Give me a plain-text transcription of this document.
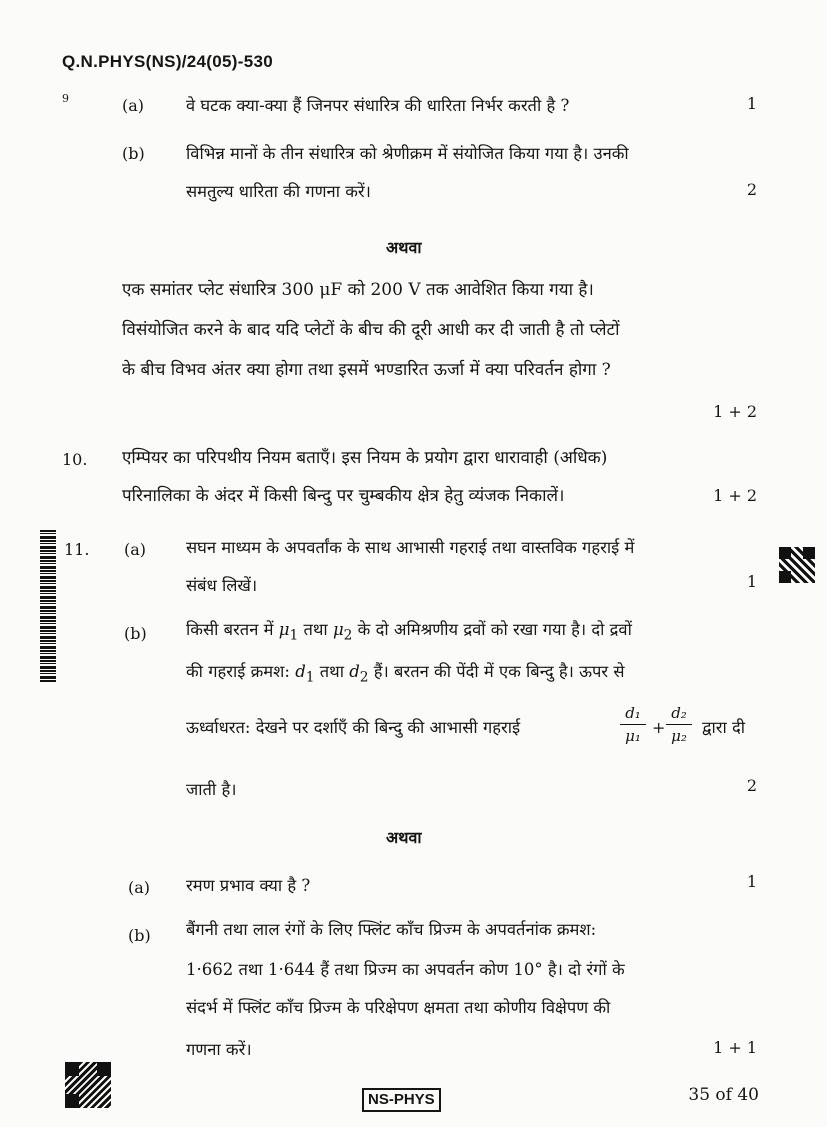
Q.N.PHYS(NS)/24(05)-530
9	(a)	वे घटक क्या-क्या हैं जिनपर संधारित्र की धारिता निर्भर करती है ?	1
(b)	विभिन्न मानों के तीन संधारित्र को श्रेणीक्रम में संयोजित किया गया है। उनकी
समतुल्य धारिता की गणना करें।	2
अथवा
एक समांतर प्लेट संधारित्र 300 μF को 200 V तक आवेशित किया गया है।
विसंयोजित करने के बाद यदि प्लेटों के बीच की दूरी आधी कर दी जाती है तो प्लेटों
के बीच विभव अंतर क्या होगा तथा इसमें भण्डारित ऊर्जा में क्या परिवर्तन होगा ?
1 + 2
10. एम्पियर का परिपथीय नियम बताएँ। इस नियम के प्रयोग द्वारा धारावाही (अधिक)
परिनालिका के अंदर में किसी बिन्दु पर चुम्बकीय क्षेत्र हेतु व्यंजक निकालें।	1 + 2
11. (a) सघन माध्यम के अपवर्तांक के साथ आभासी गहराई तथा वास्तविक गहराई में
संबंध लिखें।	1
(b) किसी बरतन में $\mu_1$ तथा $\mu_2$ के दो अमिश्रणीय द्रवों को रखा गया है। दो द्रवों
की गहराई क्रमश: $d_1$ तथा $d_2$ हैं। बरतन की पेंदी में एक बिन्दु है। ऊपर से
ऊर्ध्वाधरत: देखने पर दर्शाएँ की बिन्दु की आभासी गहराई
d₁
μ₁ +
d₂
μ₂ द्वारा दी
जाती है।	2
अथवा
(a) रमण प्रभाव क्या है ?	1
(b) बैंगनी तथा लाल रंगों के लिए फ्लिंट काँच प्रिज्म के अपवर्तनांक क्रमश:
1·662 तथा 1·644 हैं तथा प्रिज्म का अपवर्तन कोण 10° है। दो रंगों के
संदर्भ में फ्लिंट काँच प्रिज्म के परिक्षेपण क्षमता तथा कोणीय विक्षेपण की
गणना करें।	1 + 1
NS-PHYS	35 of 40
